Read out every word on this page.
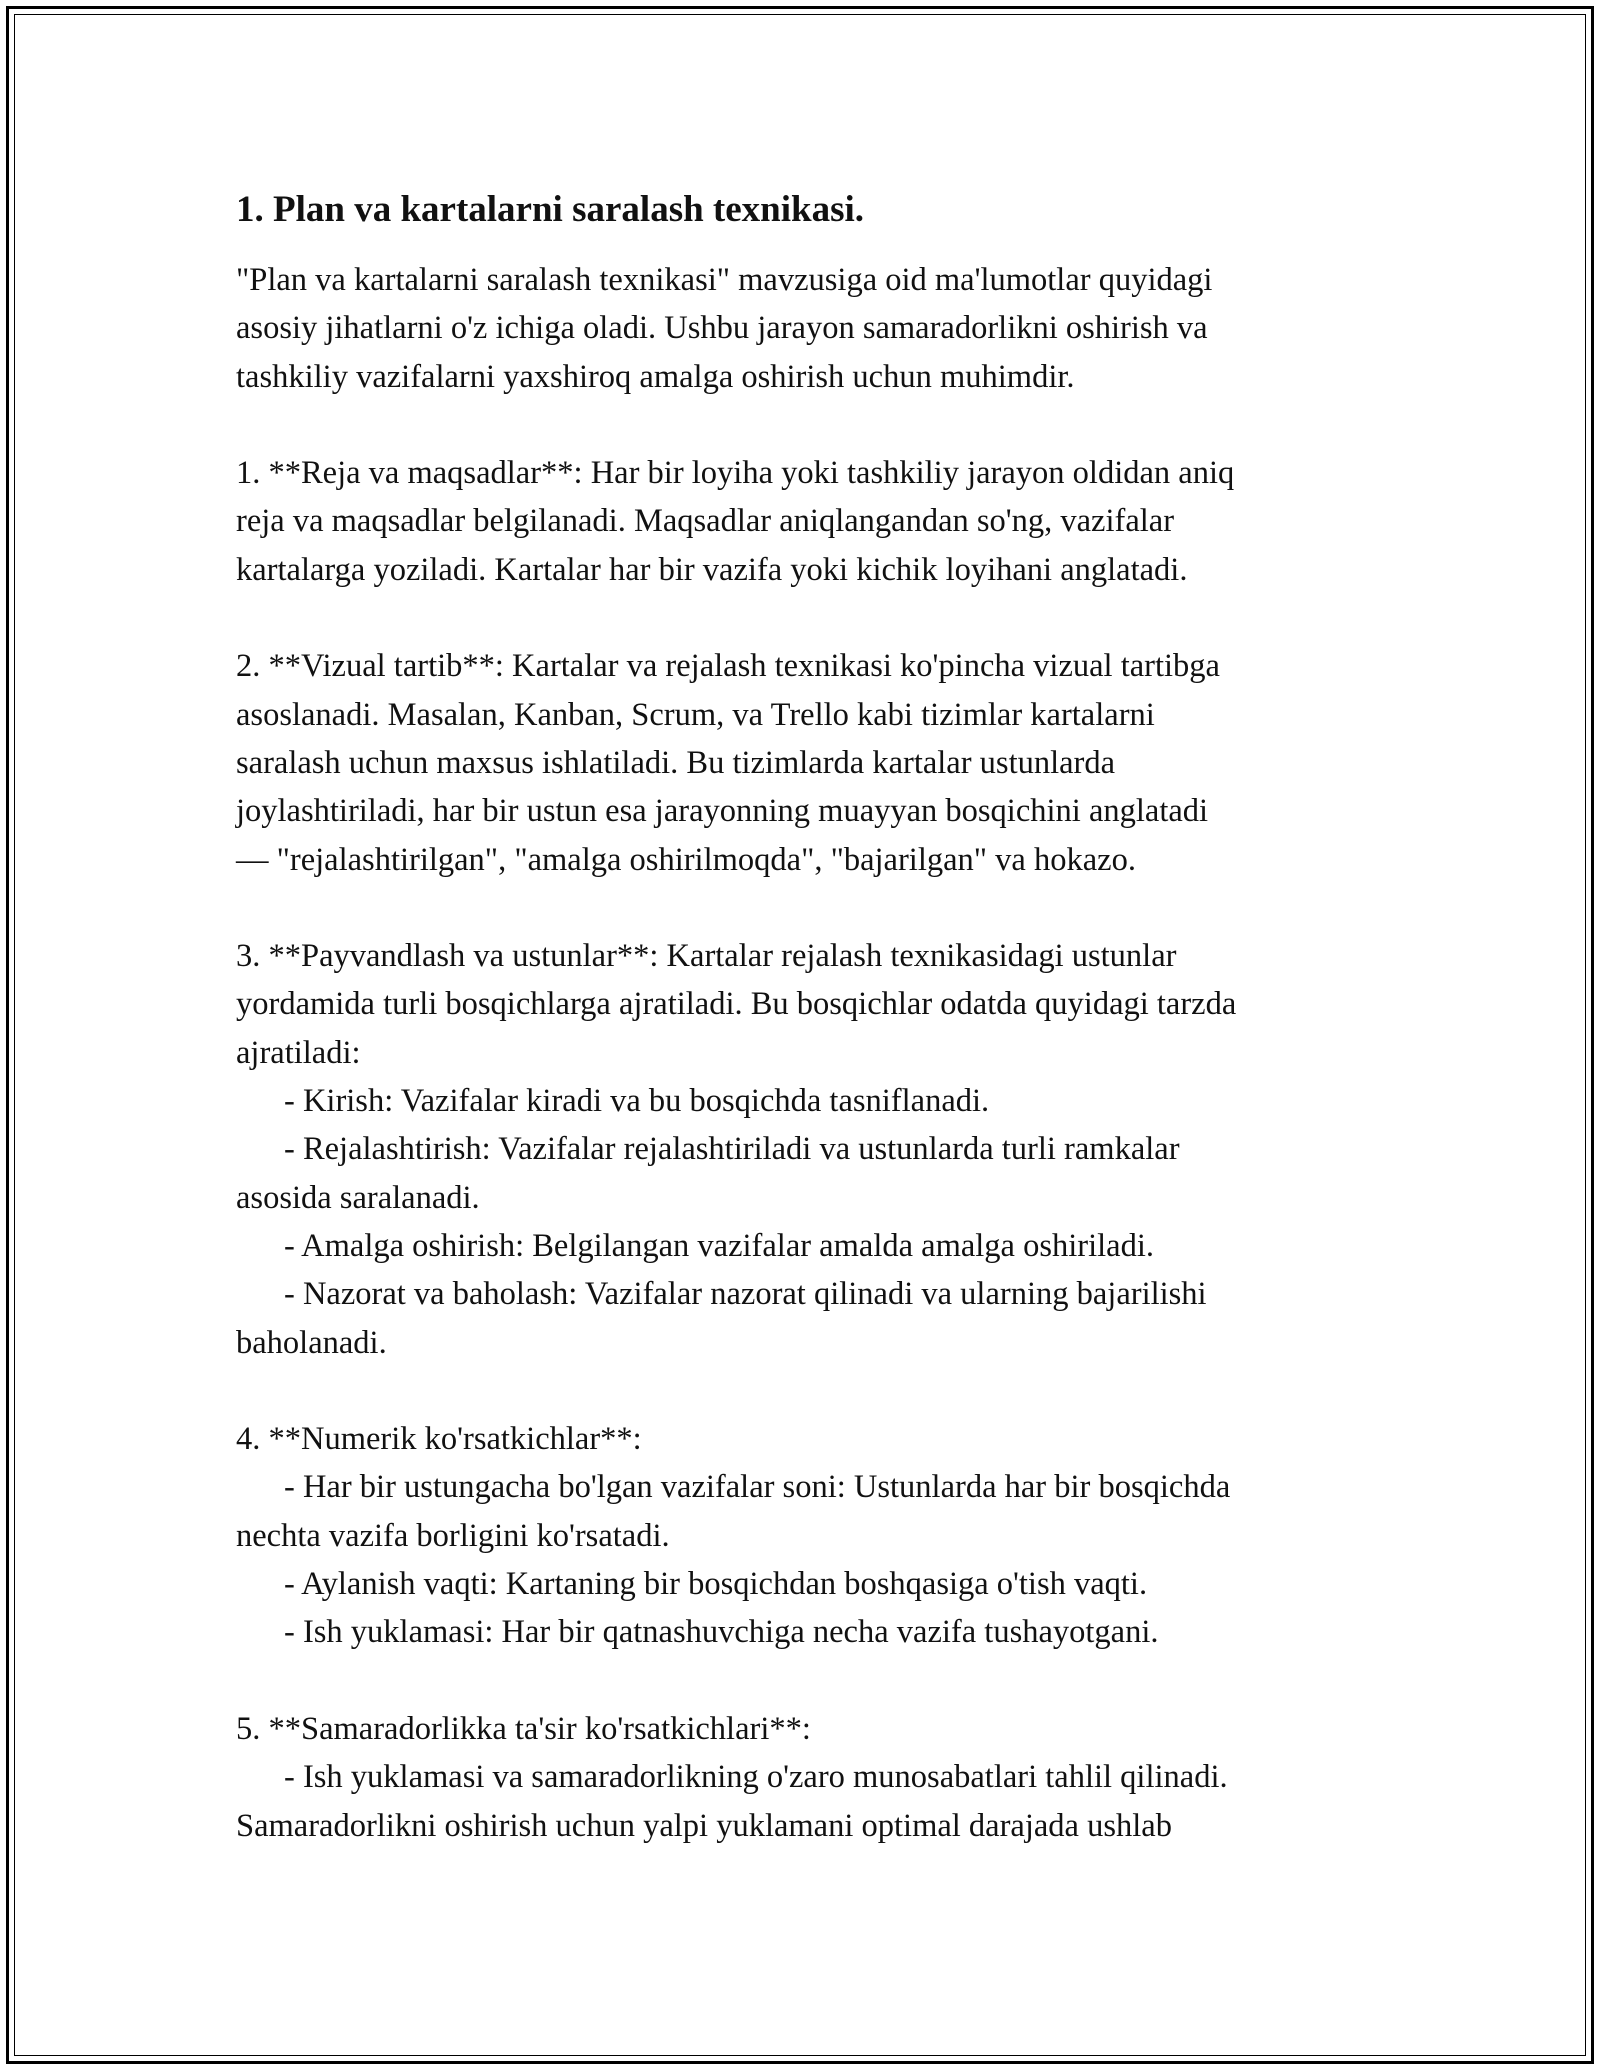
1. Plan va kartalarni saralash texnikasi.
"Plan va kartalarni saralash texnikasi" mavzusiga oid ma'lumotlar quyidagi
asosiy jihatlarni o'z ichiga oladi. Ushbu jarayon samaradorlikni oshirish va
tashkiliy vazifalarni yaxshiroq amalga oshirish uchun muhimdir.
1. **Reja va maqsadlar**: Har bir loyiha yoki tashkiliy jarayon oldidan aniq
reja va maqsadlar belgilanadi. Maqsadlar aniqlangandan so'ng, vazifalar
kartalarga yoziladi. Kartalar har bir vazifa yoki kichik loyihani anglatadi.
2. **Vizual tartib**: Kartalar va rejalash texnikasi ko'pincha vizual tartibga
asoslanadi. Masalan, Kanban, Scrum, va Trello kabi tizimlar kartalarni
saralash uchun maxsus ishlatiladi. Bu tizimlarda kartalar ustunlarda
joylashtiriladi, har bir ustun esa jarayonning muayyan bosqichini anglatadi
— "rejalashtirilgan", "amalga oshirilmoqda", "bajarilgan" va hokazo.
3. **Payvandlash va ustunlar**: Kartalar rejalash texnikasidagi ustunlar
yordamida turli bosqichlarga ajratiladi. Bu bosqichlar odatda quyidagi tarzda
ajratiladi:
- Kirish: Vazifalar kiradi va bu bosqichda tasniflanadi.
- Rejalashtirish: Vazifalar rejalashtiriladi va ustunlarda turli ramkalar
asosida saralanadi.
- Amalga oshirish: Belgilangan vazifalar amalda amalga oshiriladi.
- Nazorat va baholash: Vazifalar nazorat qilinadi va ularning bajarilishi
baholanadi.
4. **Numerik ko'rsatkichlar**:
- Har bir ustungacha bo'lgan vazifalar soni: Ustunlarda har bir bosqichda
nechta vazifa borligini ko'rsatadi.
- Aylanish vaqti: Kartaning bir bosqichdan boshqasiga o'tish vaqti.
- Ish yuklamasi: Har bir qatnashuvchiga necha vazifa tushayotgani.
5. **Samaradorlikka ta'sir ko'rsatkichlari**:
- Ish yuklamasi va samaradorlikning o'zaro munosabatlari tahlil qilinadi.
Samaradorlikni oshirish uchun yalpi yuklamani optimal darajada ushlab
